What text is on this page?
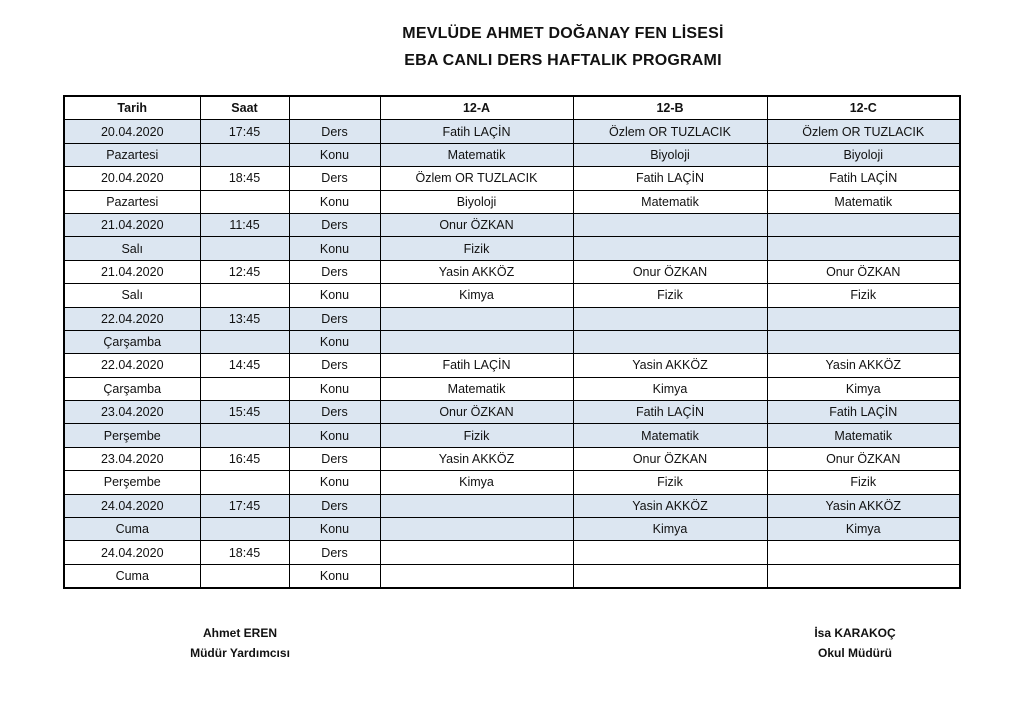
MEVLÜDE AHMET DOĞANAY FEN LİSESİ
EBA CANLI DERS HAFTALIK PROGRAMI
Tarih	Saat		12-A	12-B	12-C
20.04.2020	17:45	Ders	Fatih LAÇİN	Özlem OR TUZLACIK	Özlem OR TUZLACIK
Pazartesi		Konu	Matematik	Biyoloji	Biyoloji
20.04.2020	18:45	Ders	Özlem OR TUZLACIK	Fatih LAÇİN	Fatih LAÇİN
Pazartesi		Konu	Biyoloji	Matematik	Matematik
21.04.2020	11:45	Ders	Onur ÖZKAN		
Salı		Konu	Fizik		
21.04.2020	12:45	Ders	Yasin AKKÖZ	Onur ÖZKAN	Onur ÖZKAN
Salı		Konu	Kimya	Fizik	Fizik
22.04.2020	13:45	Ders			
Çarşamba		Konu			
22.04.2020	14:45	Ders	Fatih LAÇİN	Yasin AKKÖZ	Yasin AKKÖZ
Çarşamba		Konu	Matematik	Kimya	Kimya
23.04.2020	15:45	Ders	Onur ÖZKAN	Fatih LAÇİN	Fatih LAÇİN
Perşembe		Konu	Fizik	Matematik	Matematik
23.04.2020	16:45	Ders	Yasin AKKÖZ	Onur ÖZKAN	Onur ÖZKAN
Perşembe		Konu	Kimya	Fizik	Fizik
24.04.2020	17:45	Ders		Yasin AKKÖZ	Yasin AKKÖZ
Cuma		Konu		Kimya	Kimya
24.04.2020	18:45	Ders			
Cuma		Konu			
Ahmet EREN
Müdür Yardımcısı
İsa KARAKOÇ
Okul Müdürü
